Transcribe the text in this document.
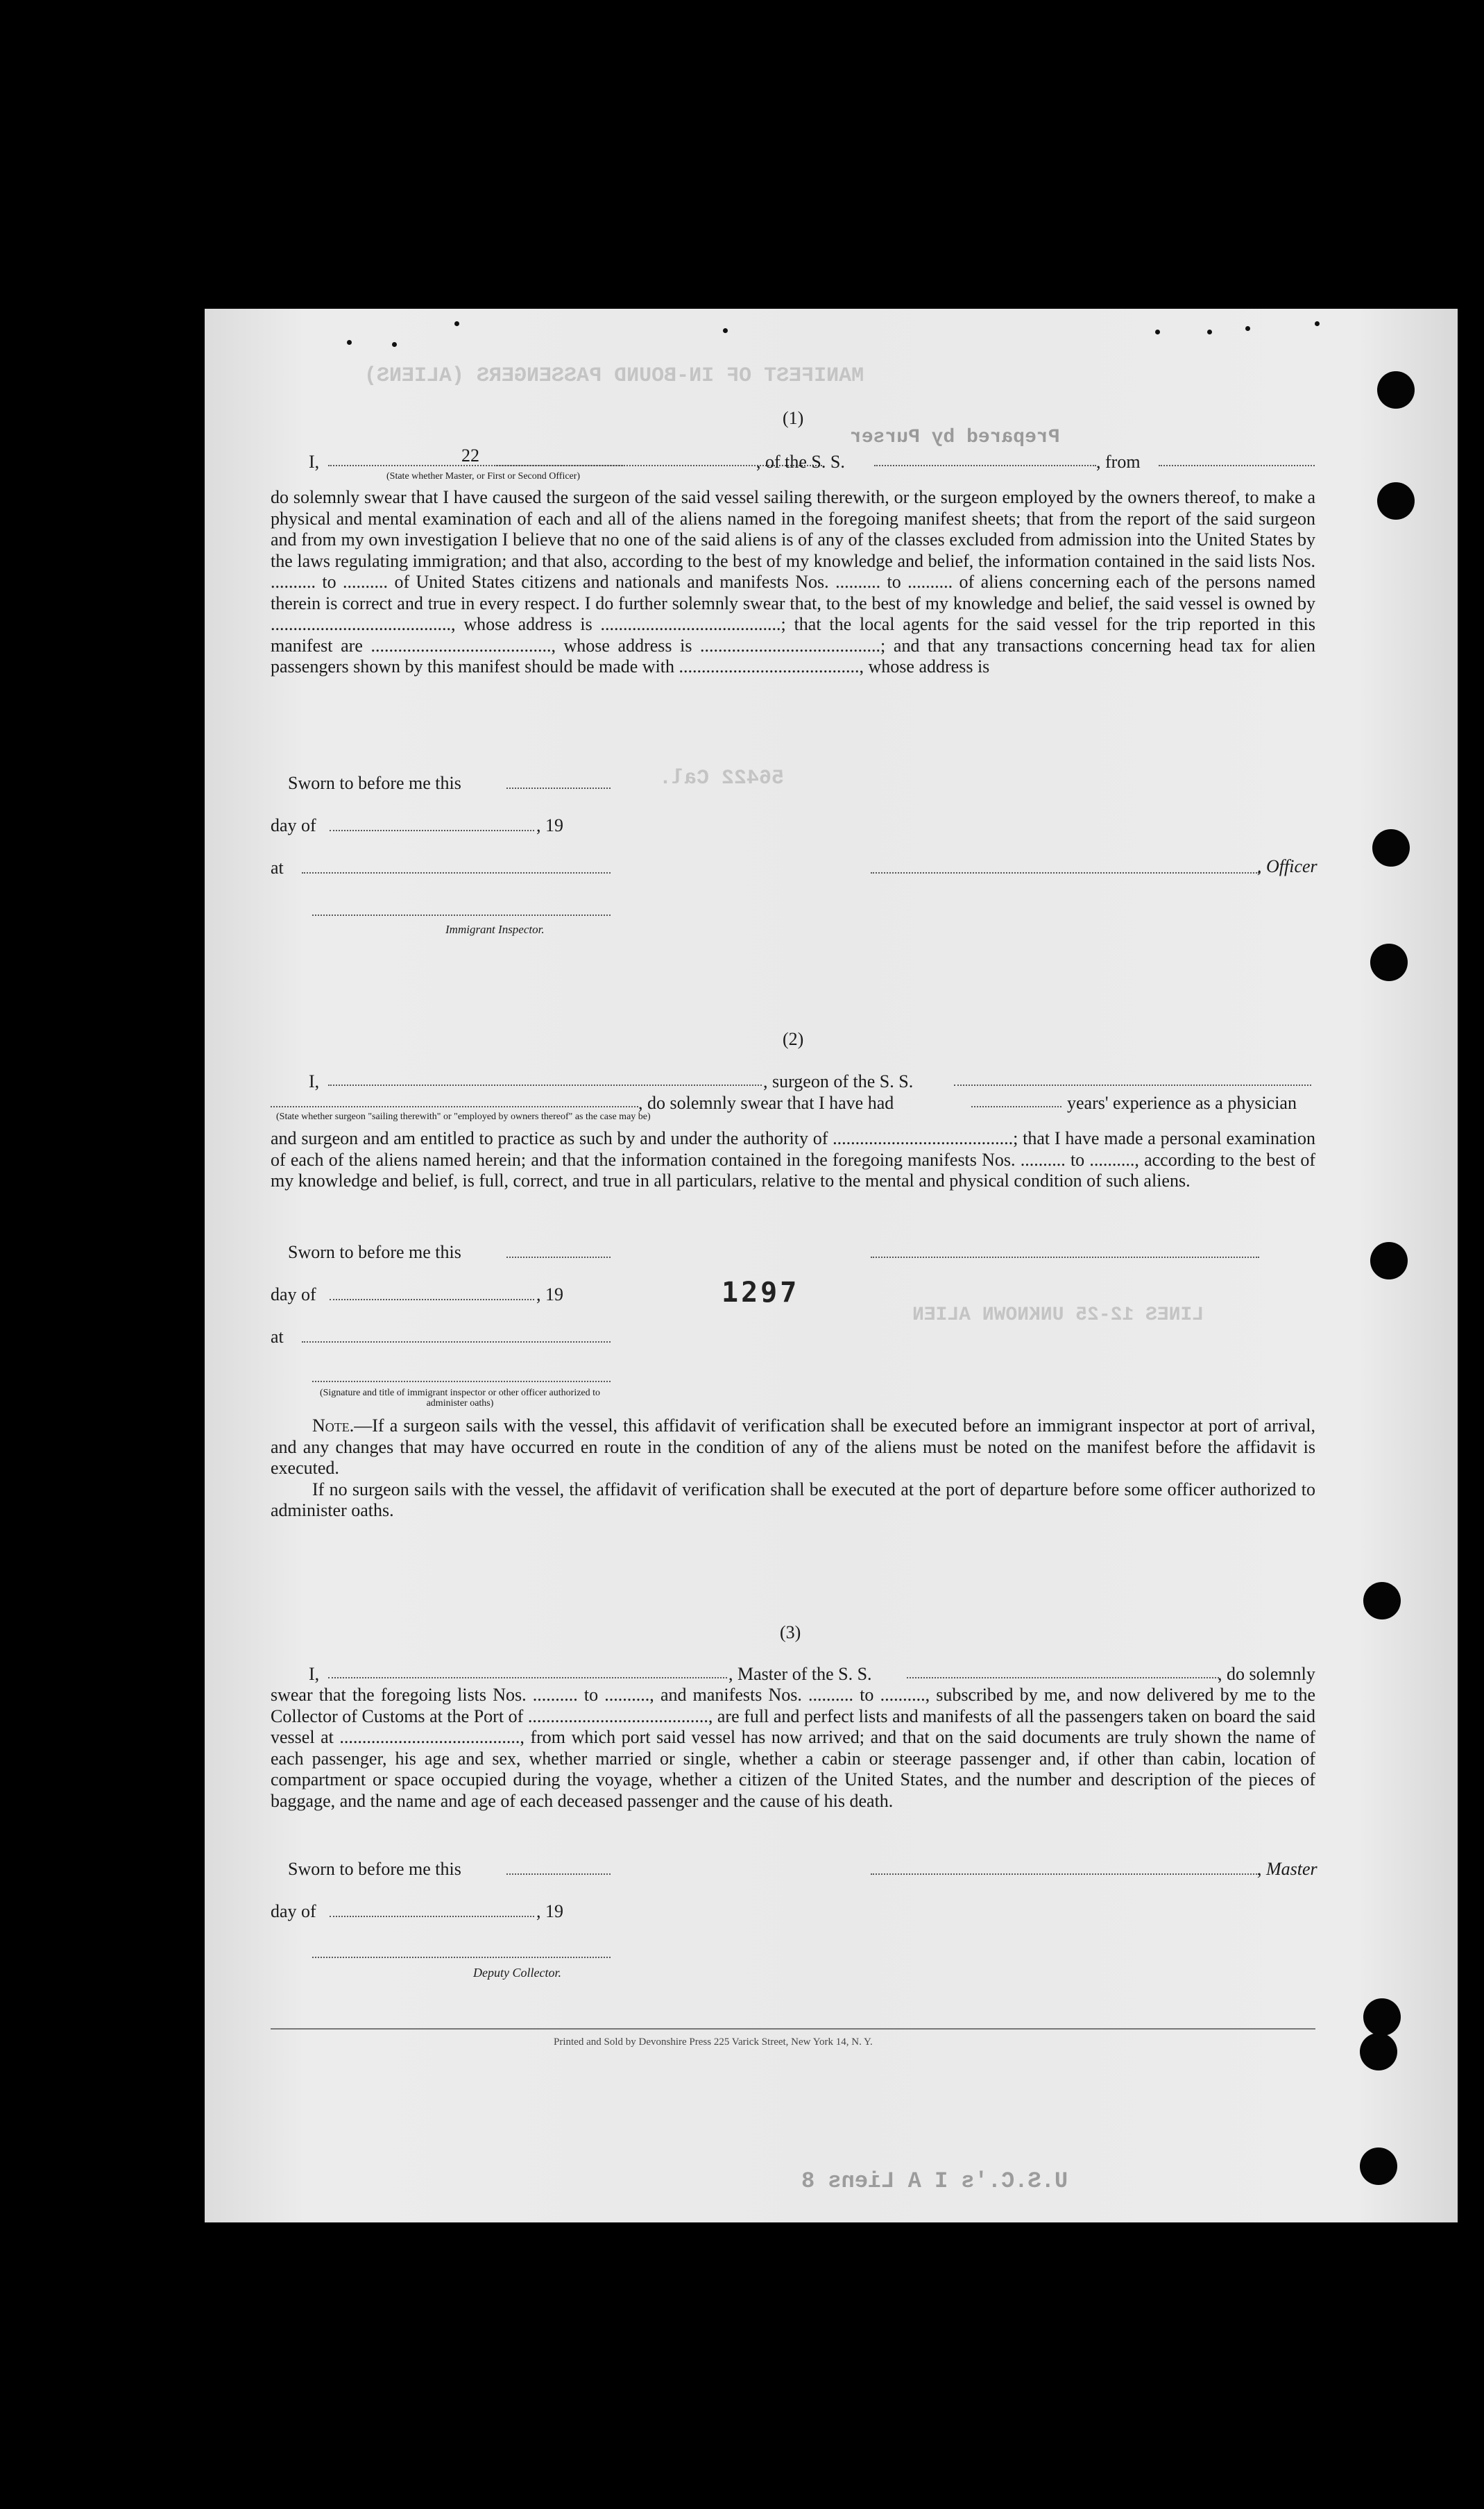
MANIFEST OF IN-BOUND PASSENGERS (ALIENS)
Prepared by Purser
56422 Cal.
LINES 12-25 UNKNOWN ALIEN
(1)
I,	22	, of the S. S.	, from
(State whether Master, or First or Second Officer)

do solemnly swear that I have caused the surgeon of the said vessel sailing therewith, or the surgeon employed by the owners thereof, to make a physical and mental examination of each and all of the aliens named in the foregoing manifest sheets; that from the report of the said surgeon and from my own investigation I believe that no one of the said aliens is of any of the classes excluded from admission into the United States by the laws regulating immigration; and that also, according to the best of my knowledge and belief, the information contained in the said lists Nos. .......... to .......... of United States citizens and nationals and manifests Nos. .......... to .......... of aliens concerning each of the persons named therein is correct and true in every respect. I do further solemnly swear that, to the best of my knowledge and belief, the said vessel is owned by ........................................, whose address is ........................................; that the local agents for the said vessel for the trip reported in this manifest are ........................................, whose address is ........................................; and that any transactions concerning head tax for alien passengers shown by this manifest should be made with ........................................, whose address is

Sworn to before me this
day of	, 19
at	, Officer
Immigrant Inspector.
(2)
I,	, surgeon of the S. S.
, do solemnly swear that I have had	years' experience as a physician
(State whether surgeon "sailing therewith" or "employed by owners thereof" as the case may be)

and surgeon and am entitled to practice as such by and under the authority of ........................................; that I have made a personal examination of each of the aliens named herein; and that the information contained in the foregoing manifests Nos. .......... to .........., according to the best of my knowledge and belief, is full, correct, and true in all particulars, relative to the mental and physical condition of such aliens.

Sworn to before me this
day of	, 19	1297
at
(Signature and title of immigrant inspector or other officer authorized to administer oaths)

Note.—If a surgeon sails with the vessel, this affidavit of verification shall be executed before an immigrant inspector at port of arrival, and any changes that may have occurred en route in the condition of any of the aliens must be noted on the manifest before the affidavit is executed.

If no surgeon sails with the vessel, the affidavit of verification shall be executed at the port of departure before some officer authorized to administer oaths.

(3)
I,	, Master of the S. S.	, do solemnly

swear that the foregoing lists Nos. .......... to .........., and manifests Nos. .......... to .........., subscribed by me, and now delivered by me to the Collector of Customs at the Port of ........................................, are full and perfect lists and manifests of all the passengers taken on board the said vessel at ........................................, from which port said vessel has now arrived; and that on the said documents are truly shown the name of each passenger, his age and sex, whether married or single, whether a cabin or steerage passenger and, if other than cabin, location of compartment or space occupied during the voyage, whether a citizen of the United States, and the number and description of the pieces of baggage, and the name and age of each deceased passenger and the cause of his death.

Sworn to before me this	, Master
day of	, 19
Deputy Collector.
Printed and Sold by Devonshire Press 225 Varick Street, New York 14, N. Y.
U.S.C.'s I A Liens 8
